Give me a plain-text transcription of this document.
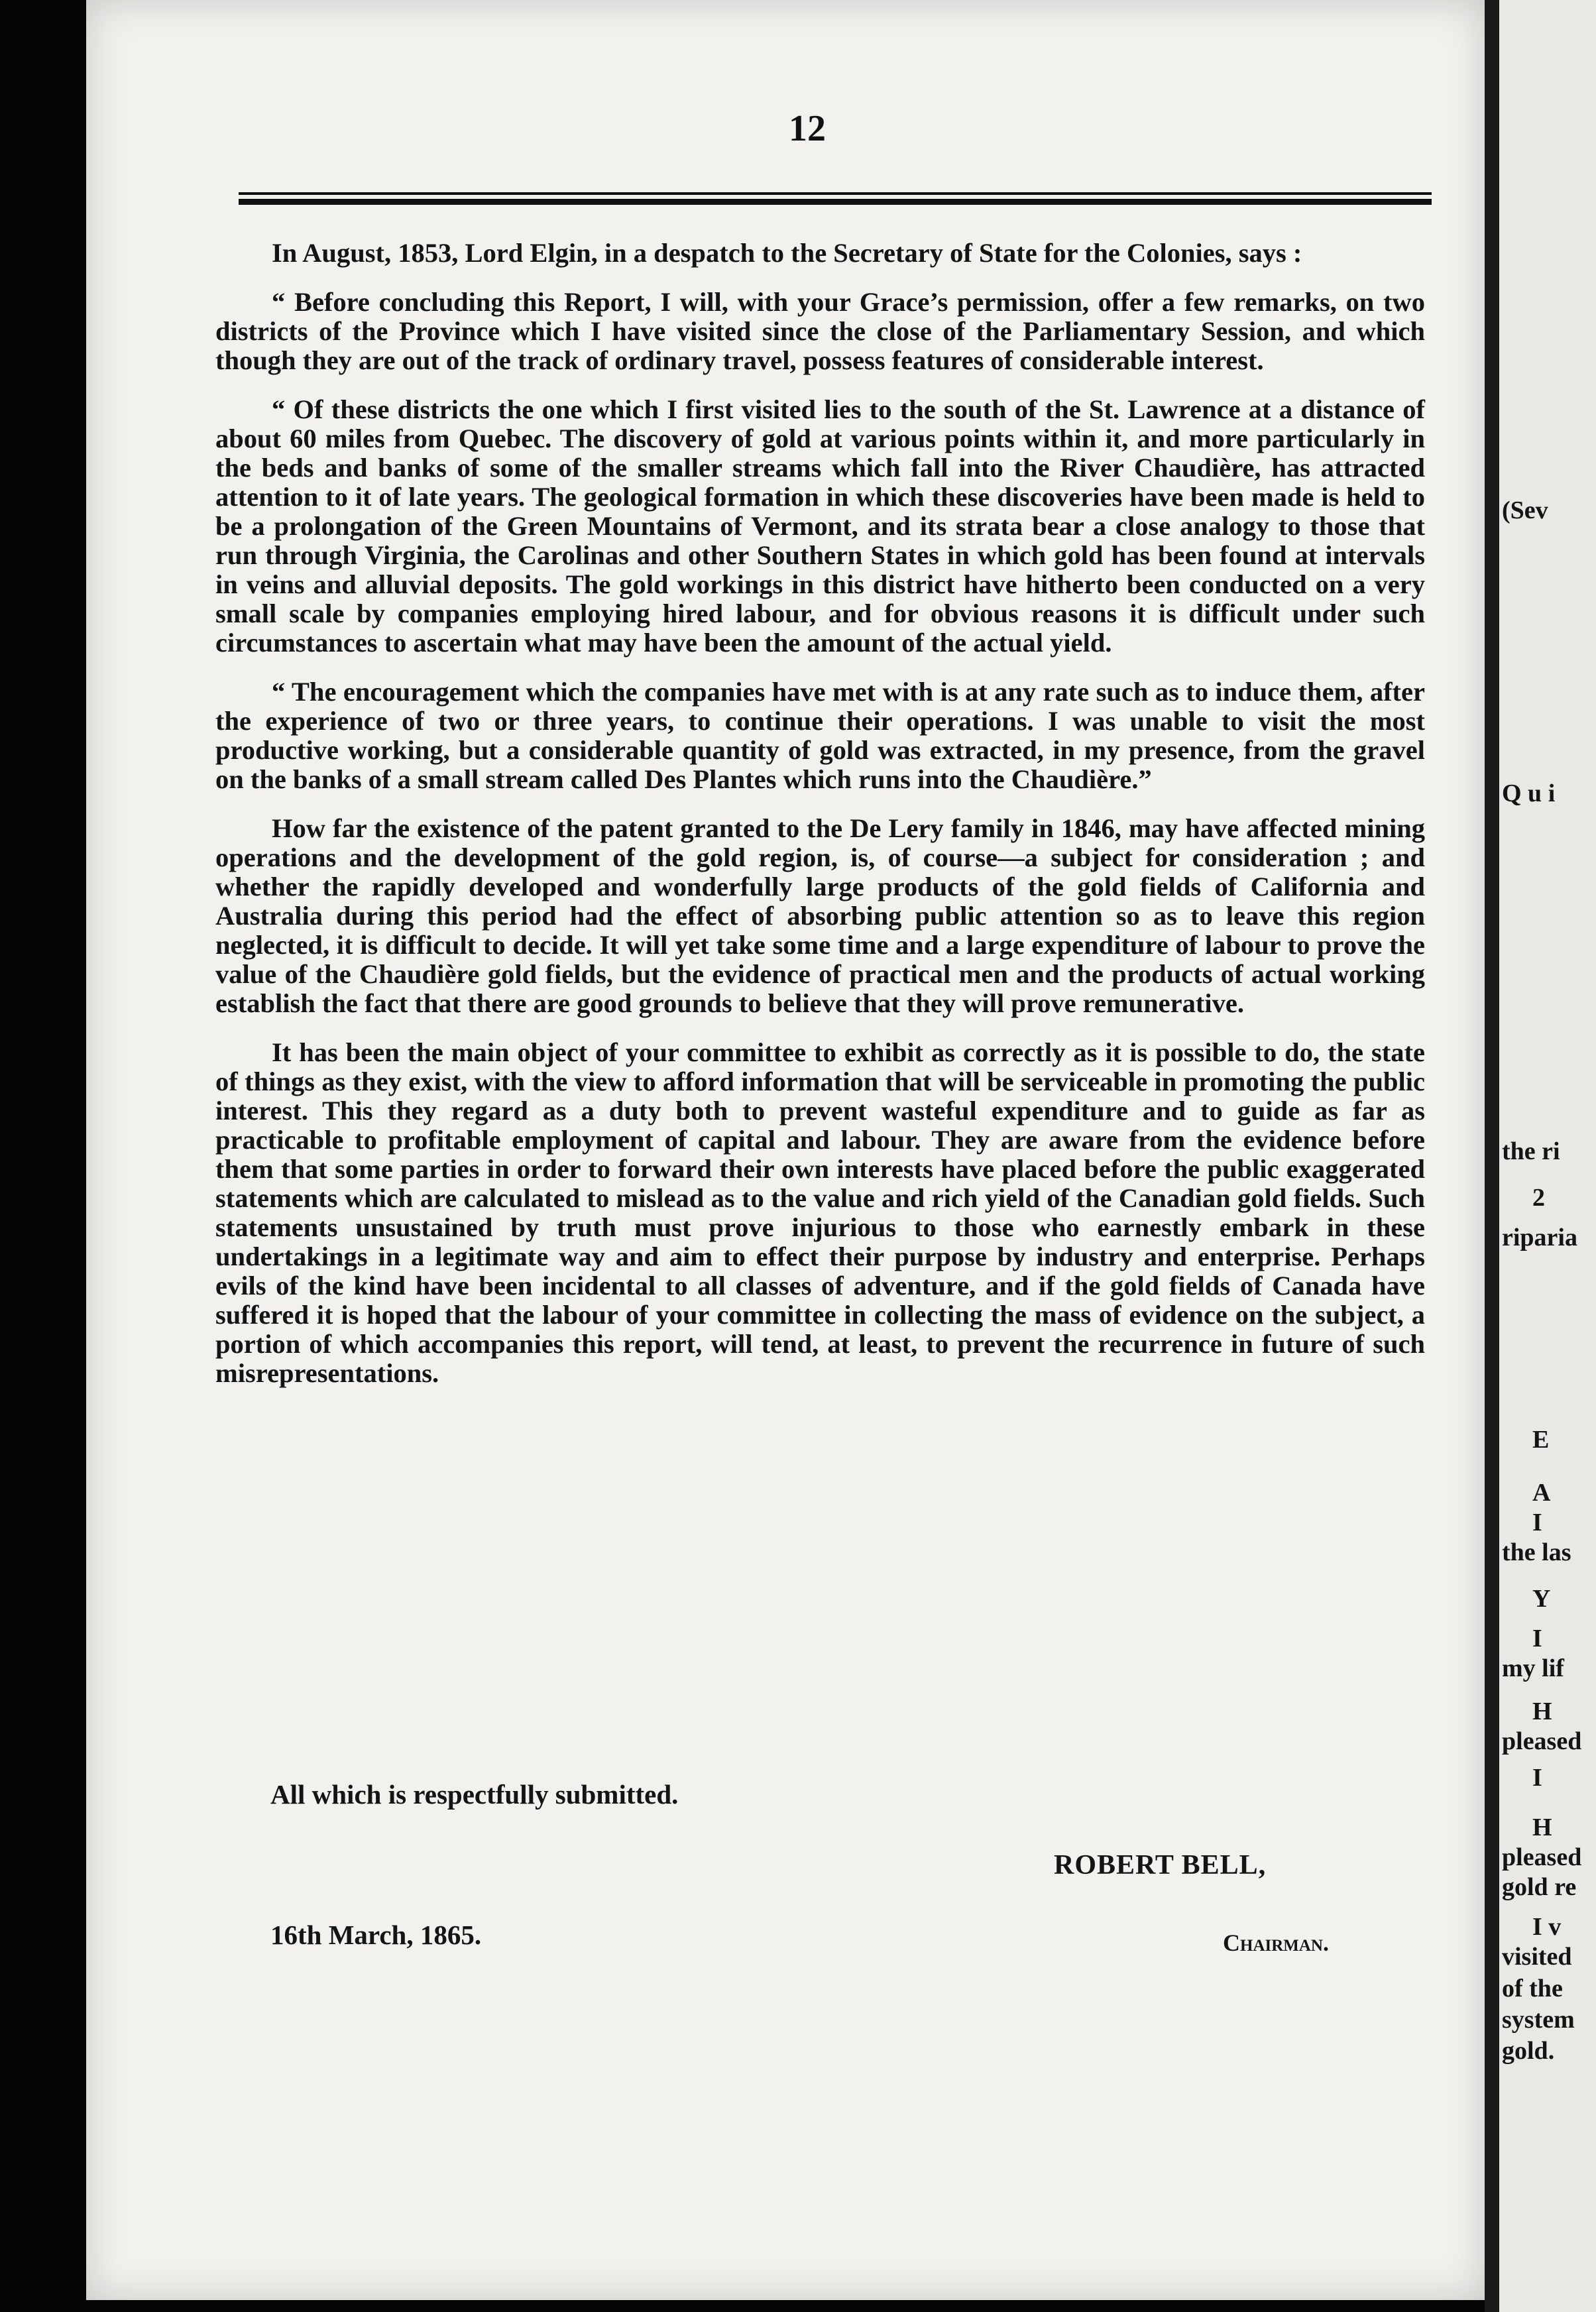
12

In August, 1853, Lord Elgin, in a despatch to the Secretary of State for the Colonies, says :

“ Before concluding this Report, I will, with your Grace’s permission, offer a few remarks, on two districts of the Province which I have visited since the close of the Parliamentary Session, and which though they are out of the track of ordinary travel, possess features of considerable interest.

“ Of these districts the one which I first visited lies to the south of the St. Lawrence at a distance of about 60 miles from Quebec. The discovery of gold at various points within it, and more particularly in the beds and banks of some of the smaller streams which fall into the River Chaudière, has attracted attention to it of late years. The geological formation in which these discoveries have been made is held to be a prolongation of the Green Mountains of Vermont, and its strata bear a close analogy to those that run through Virginia, the Carolinas and other Southern States in which gold has been found at intervals in veins and alluvial deposits. The gold workings in this district have hitherto been conducted on a very small scale by companies employing hired labour, and for obvious reasons it is difficult under such circumstances to ascertain what may have been the amount of the actual yield.

“ The encouragement which the companies have met with is at any rate such as to induce them, after the experience of two or three years, to continue their operations. I was unable to visit the most productive working, but a considerable quantity of gold was extracted, in my presence, from the gravel on the banks of a small stream called Des Plantes which runs into the Chaudière.”

How far the existence of the patent granted to the De Lery family in 1846, may have affected mining operations and the development of the gold region, is, of course—a subject for consideration ; and whether the rapidly developed and wonderfully large products of the gold fields of California and Australia during this period had the effect of absorbing public attention so as to leave this region neglected, it is difficult to decide. It will yet take some time and a large expenditure of labour to prove the value of the Chaudière gold fields, but the evidence of practical men and the products of actual working establish the fact that there are good grounds to believe that they will prove remunerative.

It has been the main object of your committee to exhibit as correctly as it is possible to do, the state of things as they exist, with the view to afford information that will be serviceable in promoting the public interest. This they regard as a duty both to prevent wasteful expenditure and to guide as far as practicable to profitable employment of capital and labour. They are aware from the evidence before them that some parties in order to forward their own interests have placed before the public exaggerated statements which are calculated to mislead as to the value and rich yield of the Canadian gold fields. Such statements unsustained by truth must prove injurious to those who earnestly embark in these undertakings in a legitimate way and aim to effect their purpose by industry and enterprise. Perhaps evils of the kind have been incidental to all classes of adventure, and if the gold fields of Canada have suffered it is hoped that the labour of your committee in collecting the mass of evidence on the subject, a portion of which accompanies this report, will tend, at least, to prevent the recurrence in future of such misrepresentations.

All which is respectfully submitted.
ROBERT BELL,
16th March, 1865.	Chairman.
(Sev
Q u i
the ri
2
riparia
E
A
I
the las
Y
I
my lif
H
pleased
I
H
pleased
gold re
I v
visited
of the
system
gold.
